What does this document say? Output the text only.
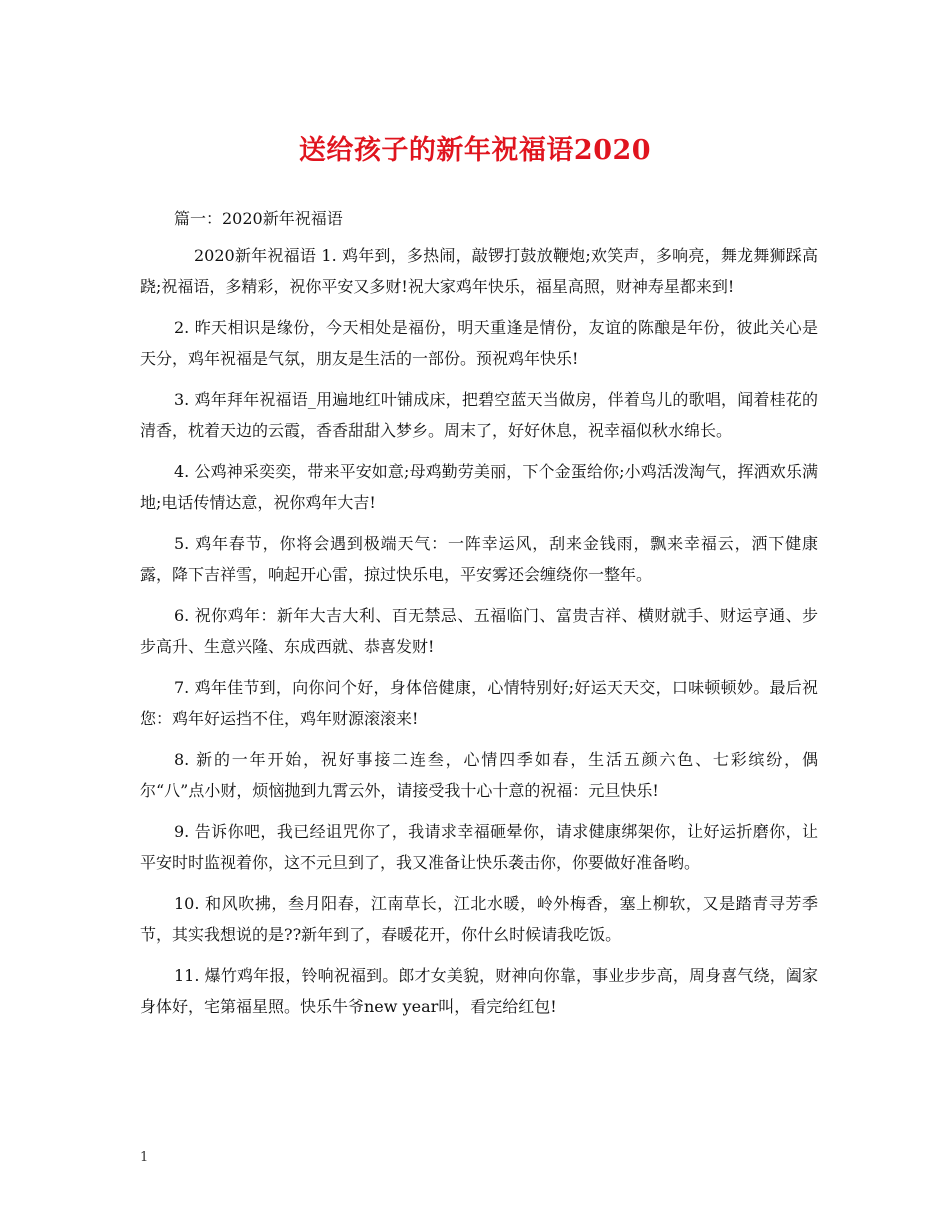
送给孩子的新年祝福语2020
篇一：2020新年祝福语

2020新年祝福语 1. 鸡年到，多热闹，敲锣打鼓放鞭炮;欢笑声，多响亮，舞龙舞狮踩高跷;祝福语，多精彩，祝你平安又多财!祝大家鸡年快乐，福星高照，财神寿星都来到!

2. 昨天相识是缘份，今天相处是福份，明天重逢是情份，友谊的陈酿是年份，彼此关心是天分，鸡年祝福是气氛，朋友是生活的一部份。预祝鸡年快乐!

3. 鸡年拜年祝福语_用遍地红叶铺成床，把碧空蓝天当做房，伴着鸟儿的歌唱，闻着桂花的清香，枕着天边的云霞，香香甜甜入梦乡。周末了，好好休息，祝幸福似秋水绵长。

4. 公鸡神采奕奕，带来平安如意;母鸡勤劳美丽，下个金蛋给你;小鸡活泼淘气，挥洒欢乐满地;电话传情达意，祝你鸡年大吉!

5. 鸡年春节，你将会遇到极端天气：一阵幸运风，刮来金钱雨，飘来幸福云，洒下健康露，降下吉祥雪，响起开心雷，掠过快乐电，平安雾还会缠绕你一整年。

6. 祝你鸡年：新年大吉大利、百无禁忌、五福临门、富贵吉祥、横财就手、财运亨通、步步高升、生意兴隆、东成西就、恭喜发财!

7. 鸡年佳节到，向你问个好，身体倍健康，心情特别好;好运天天交，口味顿顿妙。最后祝您：鸡年好运挡不住，鸡年财源滚滚来!

8. 新的一年开始，祝好事接二连叁，心情四季如春，生活五颜六色、七彩缤纷，偶尔“八”点小财，烦恼抛到九霄云外，请接受我十心十意的祝福：元旦快乐!

9. 告诉你吧，我已经诅咒你了，我请求幸福砸晕你，请求健康绑架你，让好运折磨你，让平安时时监视着你，这不元旦到了，我又准备让快乐袭击你，你要做好准备哟。

10. 和风吹拂，叁月阳春，江南草长，江北水暖，岭外梅香，塞上柳软，又是踏青寻芳季节，其实我想说的是??新年到了，春暖花开，你什幺时候请我吃饭。

11. 爆竹鸡年报，铃响祝福到。郎才女美貌，财神向你靠，事业步步高，周身喜气绕，阖家身体好，宅第福星照。快乐牛爷new year叫，看完给红包!

1
